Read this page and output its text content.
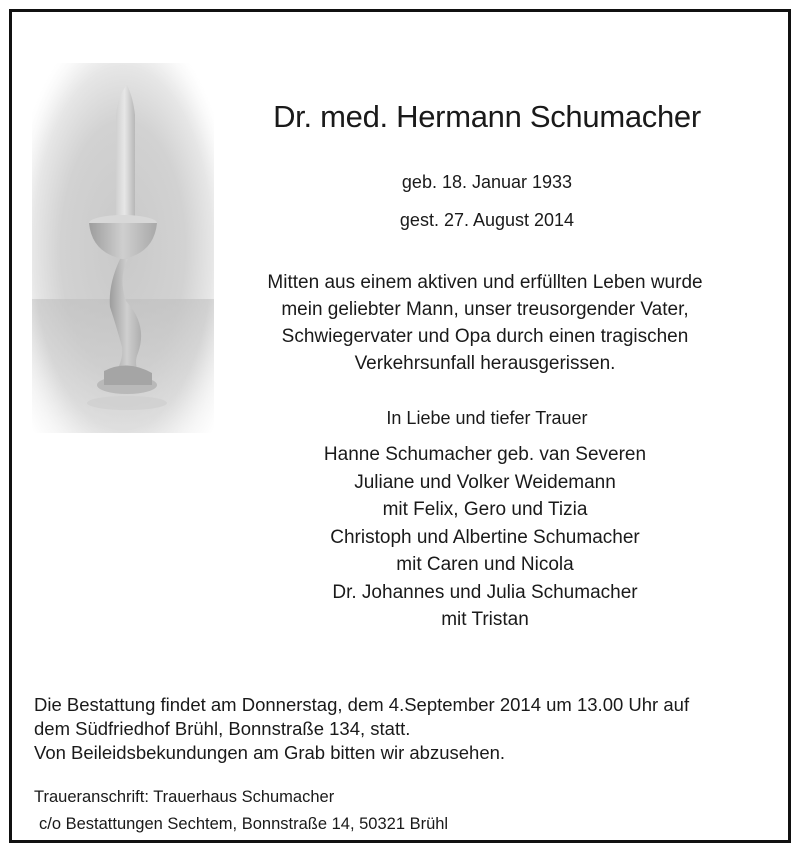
Dr. med. Hermann Schumacher
geb. 18. Januar 1933
gest. 27. August 2014
Mitten aus einem aktiven und erfüllten Leben wurde
mein geliebter Mann, unser treusorgender Vater,
Schwiegervater und Opa durch einen tragischen
Verkehrsunfall herausgerissen.
In Liebe und tiefer Trauer
Hanne Schumacher geb. van Severen
Juliane und Volker Weidemann
mit Felix, Gero und Tizia
Christoph und Albertine Schumacher
mit Caren und Nicola
Dr. Johannes und Julia Schumacher
mit Tristan
Die Bestattung findet am Donnerstag, dem 4.September 2014 um 13.00 Uhr auf
dem Südfriedhof Brühl, Bonnstraße 134, statt.
Von Beileidsbekundungen am Grab bitten wir abzusehen.
Traueranschrift: Trauerhaus Schumacher
c/o Bestattungen Sechtem, Bonnstraße 14, 50321 Brühl
